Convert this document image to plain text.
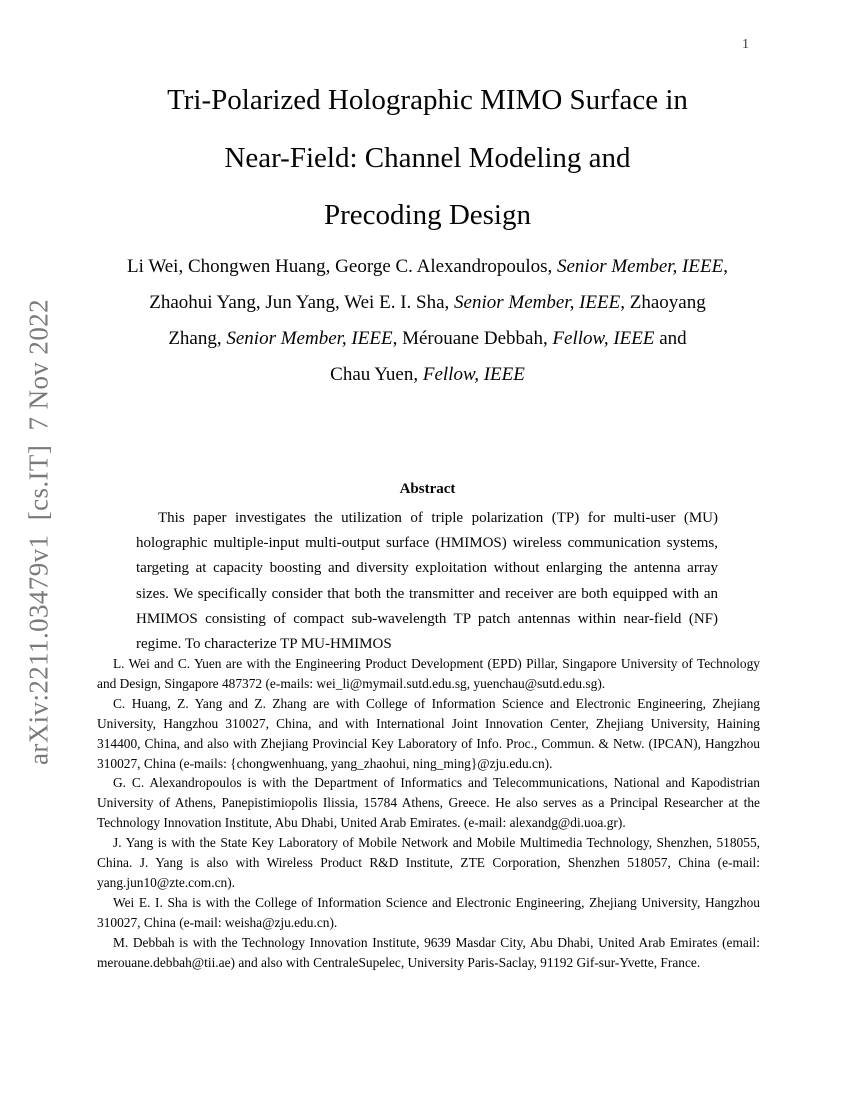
1
arXiv:2211.03479v1  [cs.IT]  7 Nov 2022
Tri-Polarized Holographic MIMO Surface in
Near-Field: Channel Modeling and
Precoding Design
Li Wei, Chongwen Huang, George C. Alexandropoulos, Senior Member, IEEE,
Zhaohui Yang, Jun Yang, Wei E. I. Sha, Senior Member, IEEE, Zhaoyang
Zhang, Senior Member, IEEE, Mérouane Debbah, Fellow, IEEE and
Chau Yuen, Fellow, IEEE
Abstract
This paper investigates the utilization of triple polarization (TP) for multi-user (MU) holographic multiple-input multi-output surface (HMIMOS) wireless communication systems, targeting at capacity boosting and diversity exploitation without enlarging the antenna array sizes. We specifically consider that both the transmitter and receiver are both equipped with an HMIMOS consisting of compact sub-wavelength TP patch antennas within near-field (NF) regime. To characterize TP MU-HMIMOS

L. Wei and C. Yuen are with the Engineering Product Development (EPD) Pillar, Singapore University of Technology and Design, Singapore 487372 (e-mails: wei_li@mymail.sutd.edu.sg, yuenchau@sutd.edu.sg).

C. Huang, Z. Yang and Z. Zhang are with College of Information Science and Electronic Engineering, Zhejiang University, Hangzhou 310027, China, and with International Joint Innovation Center, Zhejiang University, Haining 314400, China, and also with Zhejiang Provincial Key Laboratory of Info. Proc., Commun. & Netw. (IPCAN), Hangzhou 310027, China (e-mails: {chongwenhuang, yang_zhaohui, ning_ming}@zju.edu.cn).

G. C. Alexandropoulos is with the Department of Informatics and Telecommunications, National and Kapodistrian University of Athens, Panepistimiopolis Ilissia, 15784 Athens, Greece. He also serves as a Principal Researcher at the Technology Innovation Institute, Abu Dhabi, United Arab Emirates. (e-mail: alexandg@di.uoa.gr).

J. Yang is with the State Key Laboratory of Mobile Network and Mobile Multimedia Technology, Shenzhen, 518055, China. J. Yang is also with Wireless Product R&D Institute, ZTE Corporation, Shenzhen 518057, China (e-mail: yang.jun10@zte.com.cn).

Wei E. I. Sha is with the College of Information Science and Electronic Engineering, Zhejiang University, Hangzhou 310027, China (e-mail: weisha@zju.edu.cn).

M. Debbah is with the Technology Innovation Institute, 9639 Masdar City, Abu Dhabi, United Arab Emirates (email: merouane.debbah@tii.ae) and also with CentraleSupelec, University Paris-Saclay, 91192 Gif-sur-Yvette, France.
